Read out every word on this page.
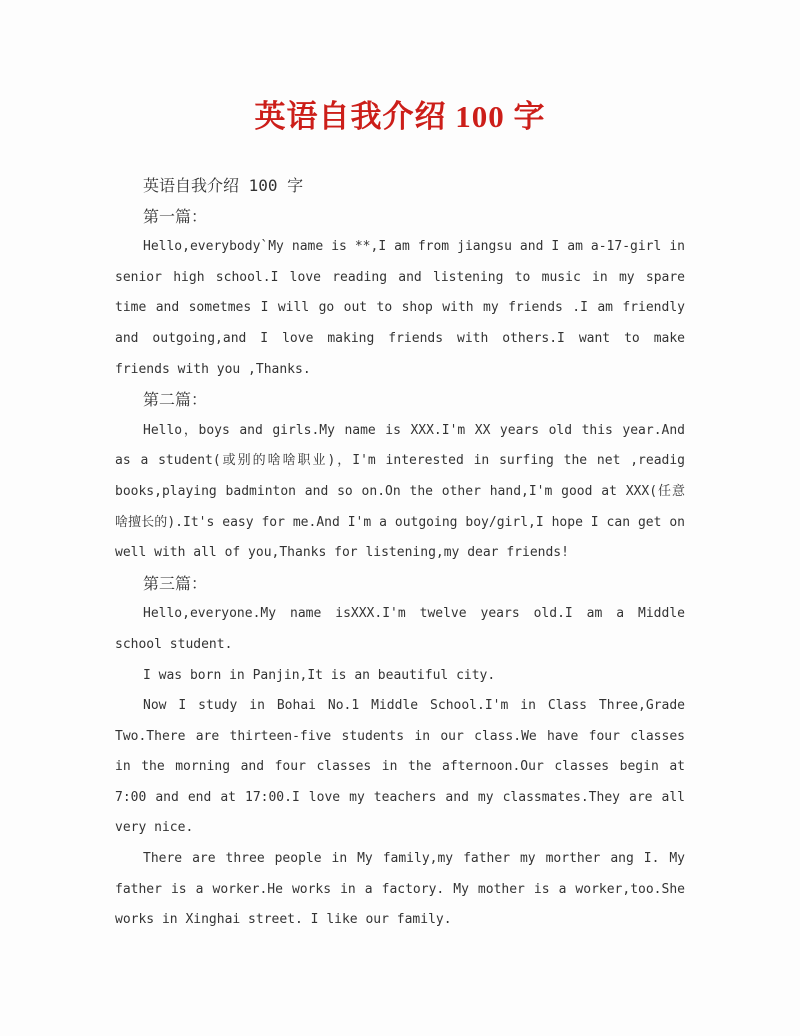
英语自我介绍 100 字

英语自我介绍 100 字

第一篇：

Hello,everybody`My name is **,I am from jiangsu and I am a-17-girl in senior high school.I love reading and listening to music in my spare time and sometmes I will go out to shop with my friends .I am friendly and outgoing,and I love making friends with others.I want to make friends with you ,Thanks.

第二篇：

Hello，boys and girls.My name is XXX.I'm XX years old this year.And as a student(或别的啥啥职业)，I'm interested in surfing the net ,readig books,playing badminton and so on.On the other hand,I'm good at XXX(任意啥擅长的).It's easy for me.And I'm a outgoing boy/girl,I hope I can get on well with all of you,Thanks for listening,my dear friends!

第三篇：

Hello,everyone.My name isXXX.I'm twelve years old.I am a Middle school student.

I was born in Panjin,It is an beautiful city.

Now I study in Bohai No.1 Middle School.I'm in Class Three,Grade Two.There are thirteen-five students in our class.We have four classes in the morning and four classes in the afternoon.Our classes begin at 7:00 and end at 17:00.I love my teachers and my classmates.They are all very nice.

There are three people in My family,my father my morther ang I. My father is a worker.He works in a factory. My mother is a worker,too.She works in Xinghai street. I like our family.
